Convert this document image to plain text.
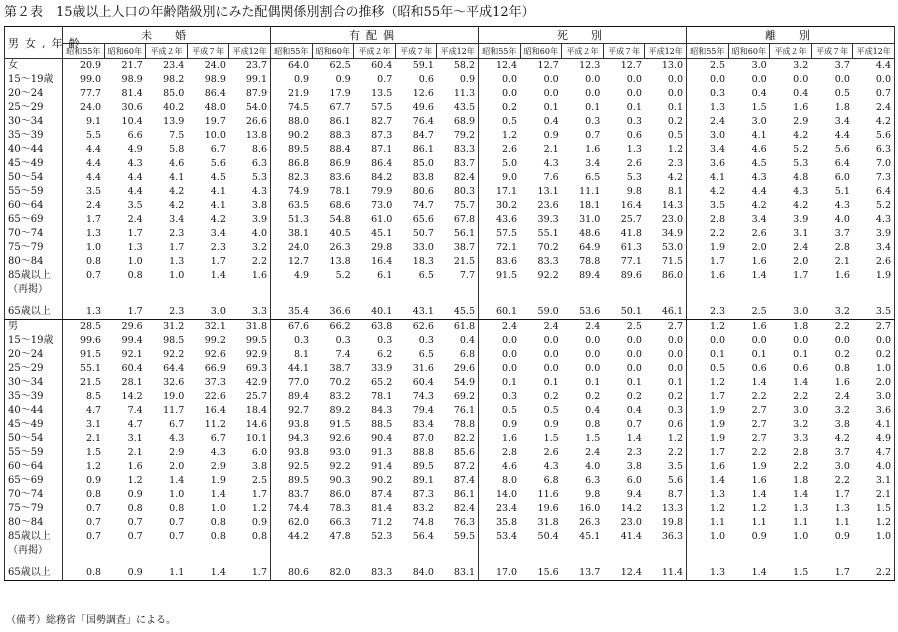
第２表　15歳以上人口の年齢階級別にみた配偶関係別割合の推移（昭和55年〜平成12年）
男女,年齢	未　婚					有配偶					死　別					離　別				
	昭和55年	昭和60年	平成２年	平成７年	平成12年	昭和55年	昭和60年	平成２年	平成７年	平成12年	昭和55年	昭和60年	平成２年	平成７年	平成12年	昭和55年	昭和60年	平成２年	平成７年	平成12年
女	20.9	21.7	23.4	24.0	23.7	64.0	62.5	60.4	59.1	58.2	12.4	12.7	12.3	12.7	13.0	2.5	3.0	3.2	3.7	4.4
15〜19歳	99.0	98.9	98.2	98.9	99.1	0.9	0.9	0.7	0.6	0.9	0.0	0.0	0.0	0.0	0.0	0.0	0.0	0.0	0.0	0.0
20〜24	77.7	81.4	85.0	86.4	87.9	21.9	17.9	13.5	12.6	11.3	0.0	0.0	0.0	0.0	0.0	0.3	0.4	0.4	0.5	0.7
25〜29	24.0	30.6	40.2	48.0	54.0	74.5	67.7	57.5	49.6	43.5	0.2	0.1	0.1	0.1	0.1	1.3	1.5	1.6	1.8	2.4
30〜34	9.1	10.4	13.9	19.7	26.6	88.0	86.1	82.7	76.4	68.9	0.5	0.4	0.3	0.3	0.2	2.4	3.0	2.9	3.4	4.2
35〜39	5.5	6.6	7.5	10.0	13.8	90.2	88.3	87.3	84.7	79.2	1.2	0.9	0.7	0.6	0.5	3.0	4.1	4.2	4.4	5.6
40〜44	4.4	4.9	5.8	6.7	8.6	89.5	88.4	87.1	86.1	83.3	2.6	2.1	1.6	1.3	1.2	3.4	4.6	5.2	5.6	6.3
45〜49	4.4	4.3	4.6	5.6	6.3	86.8	86.9	86.4	85.0	83.7	5.0	4.3	3.4	2.6	2.3	3.6	4.5	5.3	6.4	7.0
50〜54	4.4	4.4	4.1	4.5	5.3	82.3	83.6	84.2	83.8	82.4	9.0	7.6	6.5	5.3	4.2	4.1	4.3	4.8	6.0	7.3
55〜59	3.5	4.4	4.2	4.1	4.3	74.9	78.1	79.9	80.6	80.3	17.1	13.1	11.1	9.8	8.1	4.2	4.4	4.3	5.1	6.4
60〜64	2.4	3.5	4.2	4.1	3.8	63.5	68.6	73.0	74.7	75.7	30.2	23.6	18.1	16.4	14.3	3.5	4.2	4.2	4.3	5.2
65〜69	1.7	2.4	3.4	4.2	3.9	51.3	54.8	61.0	65.6	67.8	43.6	39.3	31.0	25.7	23.0	2.8	3.4	3.9	4.0	4.3
70〜74	1.3	1.7	2.3	3.4	4.0	38.1	40.5	45.1	50.7	56.1	57.5	55.1	48.6	41.8	34.9	2.2	2.6	3.1	3.7	3.9
75〜79	1.0	1.3	1.7	2.3	3.2	24.0	26.3	29.8	33.0	38.7	72.1	70.2	64.9	61.3	53.0	1.9	2.0	2.4	2.8	3.4
80〜84	0.8	1.0	1.3	1.7	2.2	12.7	13.8	16.4	18.3	21.5	83.6	83.3	78.8	77.1	71.5	1.7	1.6	2.0	2.1	2.6
85歳以上	0.7	0.8	1.0	1.4	1.6	4.9	5.2	6.1	6.5	7.7	91.5	92.2	89.4	89.6	86.0	1.6	1.4	1.7	1.6	1.9
（再掲）																				
65歳以上	1.3	1.7	2.3	3.0	3.3	35.4	36.6	40.1	43.1	45.5	60.1	59.0	53.6	50.1	46.1	2.3	2.5	3.0	3.2	3.5
男	28.5	29.6	31.2	32.1	31.8	67.6	66.2	63.8	62.6	61.8	2.4	2.4	2.4	2.5	2.7	1.2	1.6	1.8	2.2	2.7
15〜19歳	99.6	99.4	98.5	99.2	99.5	0.3	0.3	0.3	0.3	0.4	0.0	0.0	0.0	0.0	0.0	0.0	0.0	0.0	0.0	0.0
20〜24	91.5	92.1	92.2	92.6	92.9	8.1	7.4	6.2	6.5	6.8	0.0	0.0	0.0	0.0	0.0	0.1	0.1	0.1	0.2	0.2
25〜29	55.1	60.4	64.4	66.9	69.3	44.1	38.7	33.9	31.6	29.6	0.0	0.0	0.0	0.0	0.0	0.5	0.6	0.6	0.8	1.0
30〜34	21.5	28.1	32.6	37.3	42.9	77.0	70.2	65.2	60.4	54.9	0.1	0.1	0.1	0.1	0.1	1.2	1.4	1.4	1.6	2.0
35〜39	8.5	14.2	19.0	22.6	25.7	89.4	83.2	78.1	74.3	69.2	0.3	0.2	0.2	0.2	0.2	1.7	2.2	2.2	2.4	3.0
40〜44	4.7	7.4	11.7	16.4	18.4	92.7	89.2	84.3	79.4	76.1	0.5	0.5	0.4	0.4	0.3	1.9	2.7	3.0	3.2	3.6
45〜49	3.1	4.7	6.7	11.2	14.6	93.8	91.5	88.5	83.4	78.8	0.9	0.9	0.8	0.7	0.6	1.9	2.7	3.2	3.8	4.1
50〜54	2.1	3.1	4.3	6.7	10.1	94.3	92.6	90.4	87.0	82.2	1.6	1.5	1.5	1.4	1.2	1.9	2.7	3.3	4.2	4.9
55〜59	1.5	2.1	2.9	4.3	6.0	93.8	93.0	91.3	88.8	85.6	2.8	2.6	2.4	2.3	2.2	1.7	2.2	2.8	3.7	4.7
60〜64	1.2	1.6	2.0	2.9	3.8	92.5	92.2	91.4	89.5	87.2	4.6	4.3	4.0	3.8	3.5	1.6	1.9	2.2	3.0	4.0
65〜69	0.9	1.2	1.4	1.9	2.5	89.5	90.3	90.2	89.1	87.4	8.0	6.8	6.3	6.0	5.6	1.4	1.6	1.8	2.2	3.1
70〜74	0.8	0.9	1.0	1.4	1.7	83.7	86.0	87.4	87.3	86.1	14.0	11.6	9.8	9.4	8.7	1.3	1.4	1.4	1.7	2.1
75〜79	0.7	0.8	0.8	1.0	1.2	74.4	78.3	81.4	83.2	82.4	23.4	19.6	16.0	14.2	13.3	1.2	1.2	1.3	1.3	1.5
80〜84	0.7	0.7	0.7	0.8	0.9	62.0	66.3	71.2	74.8	76.3	35.8	31.8	26.3	23.0	19.8	1.1	1.1	1.1	1.1	1.2
85歳以上	0.7	0.7	0.7	0.8	0.8	44.2	47.8	52.3	56.4	59.5	53.4	50.4	45.1	41.4	36.3	1.0	0.9	1.0	0.9	1.0
（再掲）																				
65歳以上	0.8	0.9	1.1	1.4	1.7	80.6	82.0	83.3	84.0	83.1	17.0	15.6	13.7	12.4	11.4	1.3	1.4	1.5	1.7	2.2
（備考）総務省「国勢調査」による。
